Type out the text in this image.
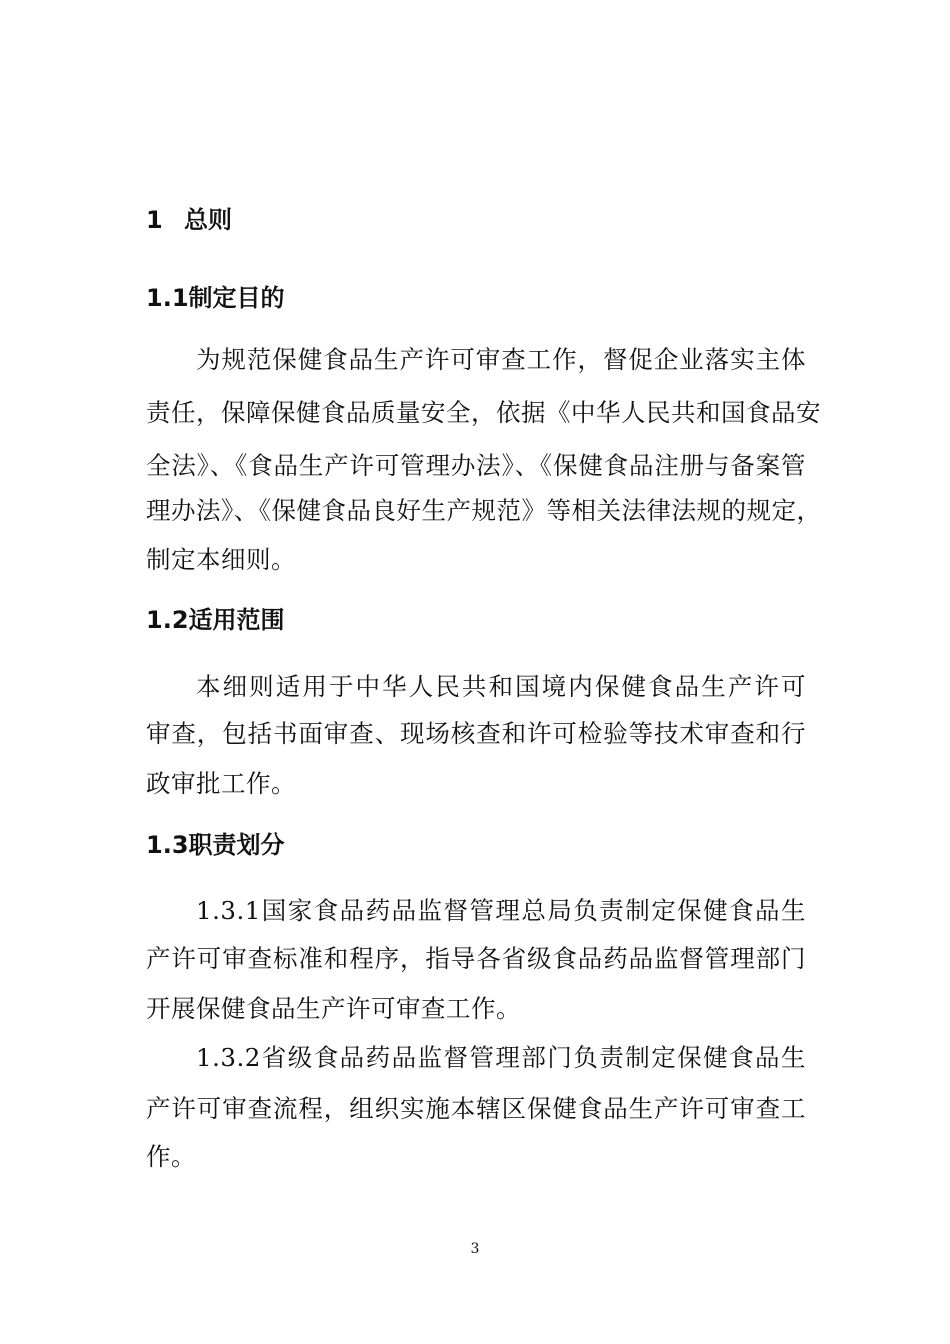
1 总则
1.1制定目的
为规范保健食品生产许可审查工作，督促企业落实主体
责任，保障保健食品质量安全，依据《中华人民共和国食品安
全法》、《食品生产许可管理办法》、《保健食品注册与备案管
理办法》、《保健食品良好生产规范》等相关法律法规的规定，
制定本细则。
1.2适用范围
本细则适用于中华人民共和国境内保健食品生产许可
审查，包括书面审查、现场核查和许可检验等技术审查和行
政审批工作。
1.3职责划分
1.3.1国家食品药品监督管理总局负责制定保健食品生
产许可审查标准和程序，指导各省级食品药品监督管理部门
开展保健食品生产许可审查工作。
1.3.2省级食品药品监督管理部门负责制定保健食品生
产许可审查流程，组织实施本辖区保健食品生产许可审查工
作。
3
